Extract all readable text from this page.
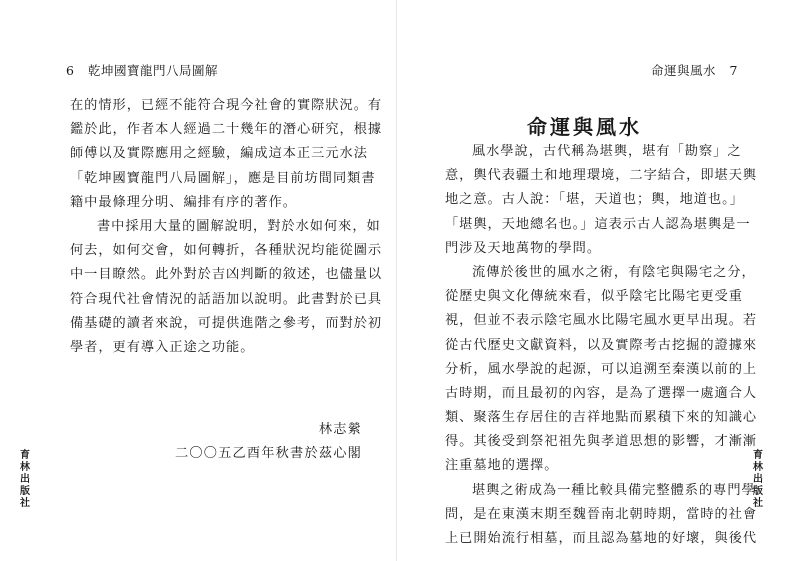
6 乾坤國寶龍門八局圖解
在的情形，已經不能符合現今社會的實際狀況。有
鑑於此，作者本人經過二十幾年的潛心研究，根據
師傅以及實際應用之經驗，編成這本正三元水法
「乾坤國寶龍門八局圖解」，應是目前坊間同類書
籍中最條理分明、編排有序的著作。
書中採用大量的圖解說明，對於水如何來，如
何去，如何交會，如何轉折，各種狀況均能從圖示
中一目瞭然。此外對於吉凶判斷的敘述，也儘量以
符合現代社會情況的話語加以說明。此書對於已具
備基礎的讀者來說，可提供進階之參考，而對於初
學者，更有導入正途之功能。
林志縈
二〇〇五乙酉年秋書於茲心閣
育林出版社
命運與風水 7
命運與風水
風水學說，古代稱為堪輿，堪有「勘察」之
意，輿代表疆土和地理環境，二字結合，即堪天輿
地之意。古人說：「堪，天道也；輿，地道也。」
「堪輿，天地總名也。」這表示古人認為堪輿是一
門涉及天地萬物的學問。
流傳於後世的風水之術，有陰宅與陽宅之分，
從歷史與文化傳統來看，似乎陰宅比陽宅更受重
視，但並不表示陰宅風水比陽宅風水更早出現。若
從古代歷史文獻資料，以及實際考古挖掘的證據來
分析，風水學說的起源，可以追溯至秦漢以前的上
古時期，而且最初的內容，是為了選擇一處適合人
類、聚落生存居住的吉祥地點而累積下來的知識心
得。其後受到祭祀祖先與孝道思想的影響，才漸漸
注重墓地的選擇。
堪輿之術成為一種比較具備完整體系的專門學
問，是在東漢末期至魏晉南北朝時期，當時的社會
上已開始流行相墓，而且認為墓地的好壞，與後代
育林出版社
